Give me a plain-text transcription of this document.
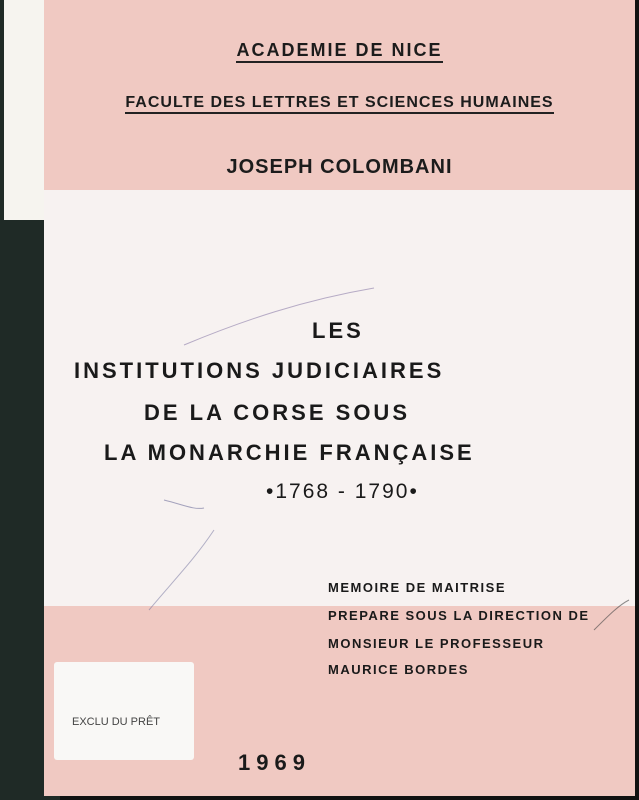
ACADEMIE DE NICE
FACULTE DES LETTRES ET SCIENCES HUMAINES
JOSEPH COLOMBANI
LES
INSTITUTIONS JUDICIAIRES
DE LA CORSE SOUS
LA MONARCHIE FRANÇAISE
•1768 - 1790•
MEMOIRE DE MAITRISE
PREPARE SOUS LA DIRECTION DE
MONSIEUR LE PROFESSEUR
MAURICE BORDES
EXCLU DU PRÊT
1969
